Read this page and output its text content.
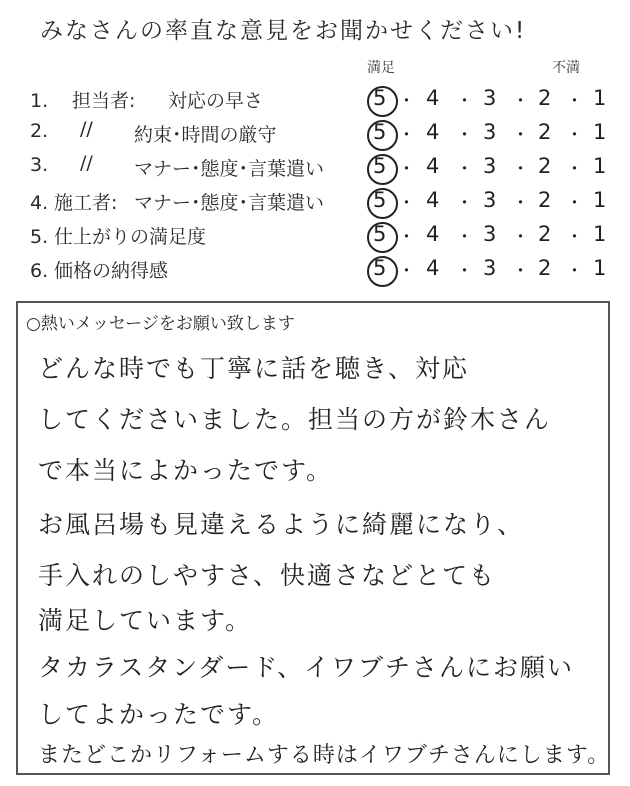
みなさんの率直な意見をお聞かせください!
満足	不満
1. 担当者: 対応の早さ	5 ･ 4 ･ 3 ･ 2 ･ 1
2.	// 約束･時間の厳守	5 ･ 4 ･ 3 ･ 2 ･ 1
3.	// マナー･態度･言葉遣い 5 ･ 4 ･ 3 ･ 2 ･ 1
4. 施工者: マナー･態度･言葉遣い 5 ･ 4 ･ 3 ･ 2 ･ 1
5. 仕上がりの満足度	5 ･ 4 ･ 3 ･ 2 ･ 1
6. 価格の納得感	5 ･ 4 ･ 3 ･ 2 ･ 1
○熱いメッセージをお願い致します
どんな時でも丁寧に話を聴き、対応
してくださいました。担当の方が鈴木さん
で本当によかったです。
お風呂場も見違えるように綺麗になり、
手入れのしやすさ、快適さなどとても
満足しています。
タカラスタンダード、イワブチさんにお願い
してよかったです。
またどこかリフォームする時はイワブチさんにします。
